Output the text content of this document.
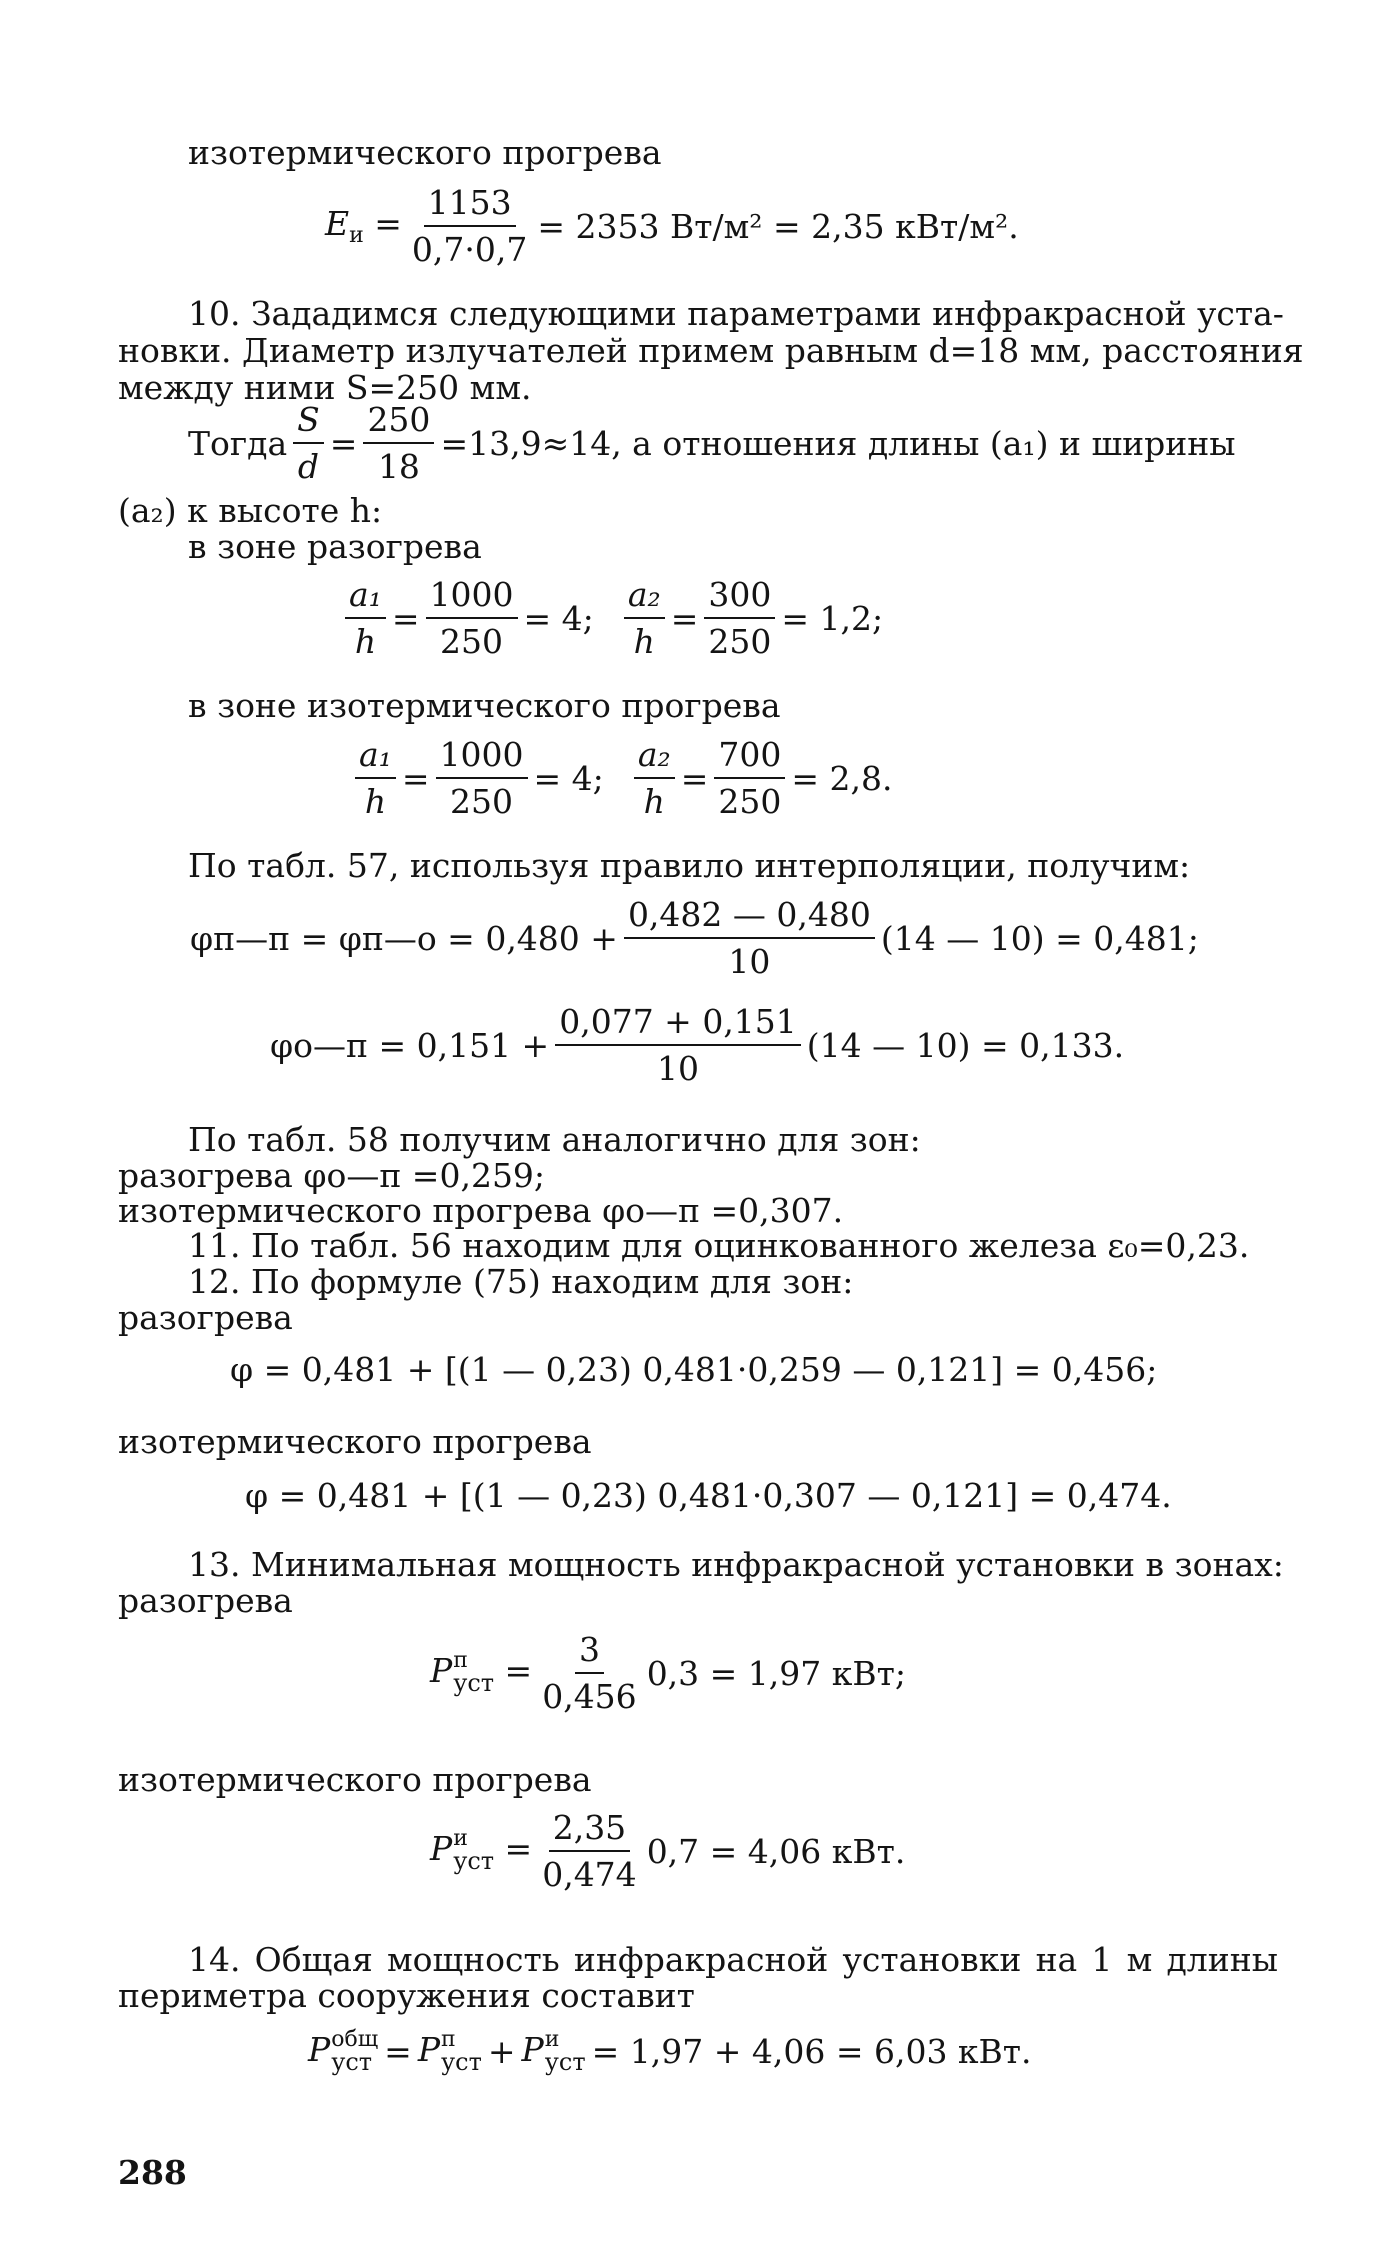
изотермического прогрева
$E_и = \frac{1153}{0,7\cdot 0,7} = 2353$ Вт/м² = 2,35 кВт/м².
10. Зададимся следующими параметрами инфракрасной уста-
новки. Диаметр излучателей примем равным d=18 мм, расстояния
между ними S=250 мм.
Тогда $\frac{S}{d} = \frac{250}{18} =13,9\approx 14$, а отношения длины (a₁) и ширины
(a₂) к высоте h:
в зоне разогрева
$\frac{\text{a₁}}{h} = \frac{1000}{250} = 4$; $\frac{\text{a₂}}{h} = \frac{300}{250} = 1,2$;
в зоне изотермического прогрева
$\frac{\text{a₁}}{h} = \frac{1000}{250} = 4$; $\frac{\text{a₂}}{h} = \frac{700}{250} = 2,8$.
По табл. 57, используя правило интерполяции, получим:
φп—п = φп—о = $0,480 + \frac{0,482 — 0,480}{10} (14$ — 10) = 0,481;
φо—п = $0,151 + \frac{0,077 + 0,151}{10} (14$ — 10) = 0,133.
По табл. 58 получим аналогично для зон:
разогрева φо—п =0,259;
изотермического прогрева φо—п =0,307.
11. По табл. 56 находим для оцинкованного железа ε₀=0,23.
12. По формуле (75) находим для зон:
разогрева
φ = 0,481 + [(1 — 0,23) 0,481·0,259 — 0,121] = 0,456;
изотермического прогрева
φ = 0,481 + [(1 — 0,23) 0,481·0,307 — 0,121] = 0,474.
13. Минимальная мощность инфракрасной установки в зонах:
разогрева
P п
уст = $\frac{3}{0,456} 0,3 = 1,97$ кВт;
изотермического прогрева
P и
уст = $\frac{2,35}{0,474} 0,7 = 4,06$ кВт.
14. Общая мощность инфракрасной установки на 1 м длины
периметра сооружения составит
P общ
уст = P п
уст + P и
уст = 1,97 + 4,06 = 6,03 кВт.
288
